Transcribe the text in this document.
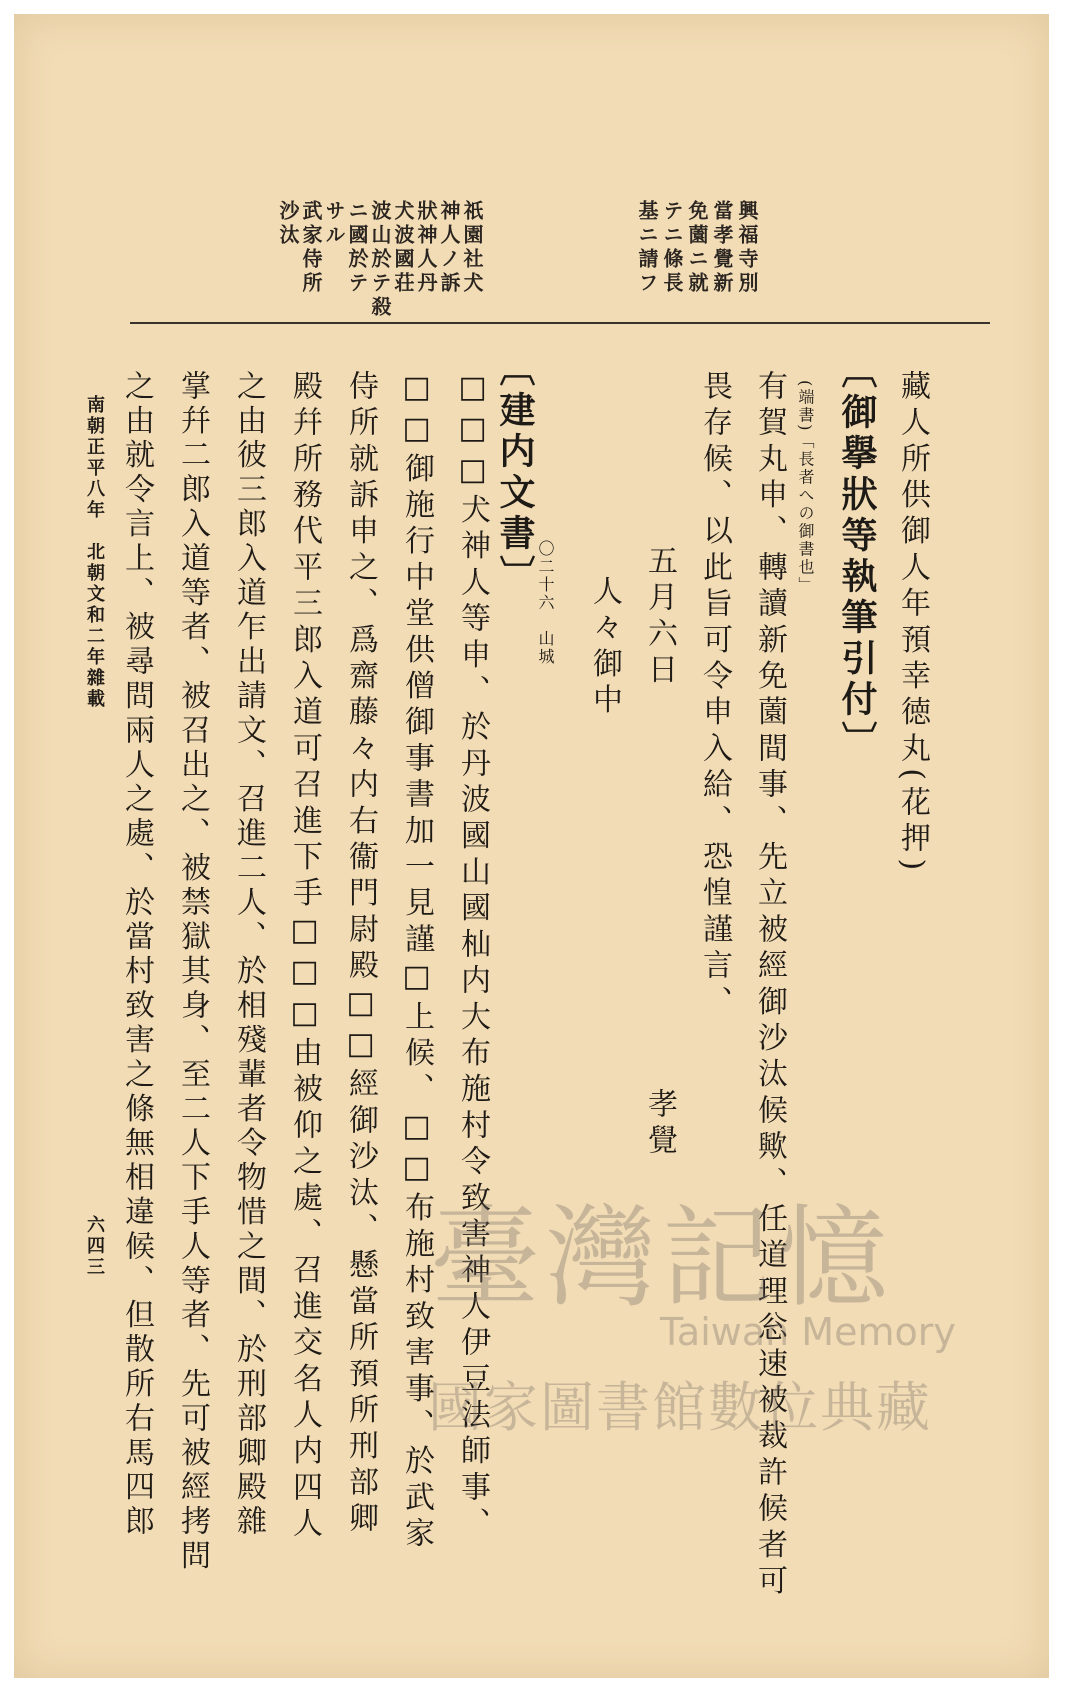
興福寺別
當孝覺新
免薗ニ就
テニ條長
基ニ請フ
祇園社犬
神人ノ訴
狀神人丹
犬波國荘
波山於テ殺
ニ國於テ
サル
武家侍所
沙汰
藏人所供御人年預幸徳丸(花押)
〔御擧狀等執筆引付〕
(端書)「長者への御書也」
有賀丸申、轉讀新免薗間事、先立被經御沙汰候歟、任道理忩速被裁許候者可
畏存候、以此旨可令申入給、恐惶謹言、
五月六日　　　　　　　　　　　孝覺
人々御中
〇二十六　山城
〔建内文書〕
□□□犬神人等申、於丹波國山國杣内大布施村令致害神人伊豆法師事、
□□御施行中堂供僧御事書加一見謹□上候、□□布施村致害事、於武家
侍所就訴申之、爲齋藤々内右衞門尉殿□□經御沙汰、懸當所預所刑部卿
殿幷所務代平三郎入道可召進下手□□□由被仰之處、召進交名人内四人
之由彼三郎入道乍出請文、召進二人、於相殘輩者令物惜之間、於刑部卿殿雜
掌幷二郎入道等者、被召出之、被禁獄其身、至二人下手人等者、先可被經拷問
之由就令言上、被尋問兩人之處、於當村致害之條無相違候、但散所右馬四郎
南朝正平八年　北朝文和二年雜載
六四三	臺灣記憶
Taiwan Memory
國家圖書館數位典藏
